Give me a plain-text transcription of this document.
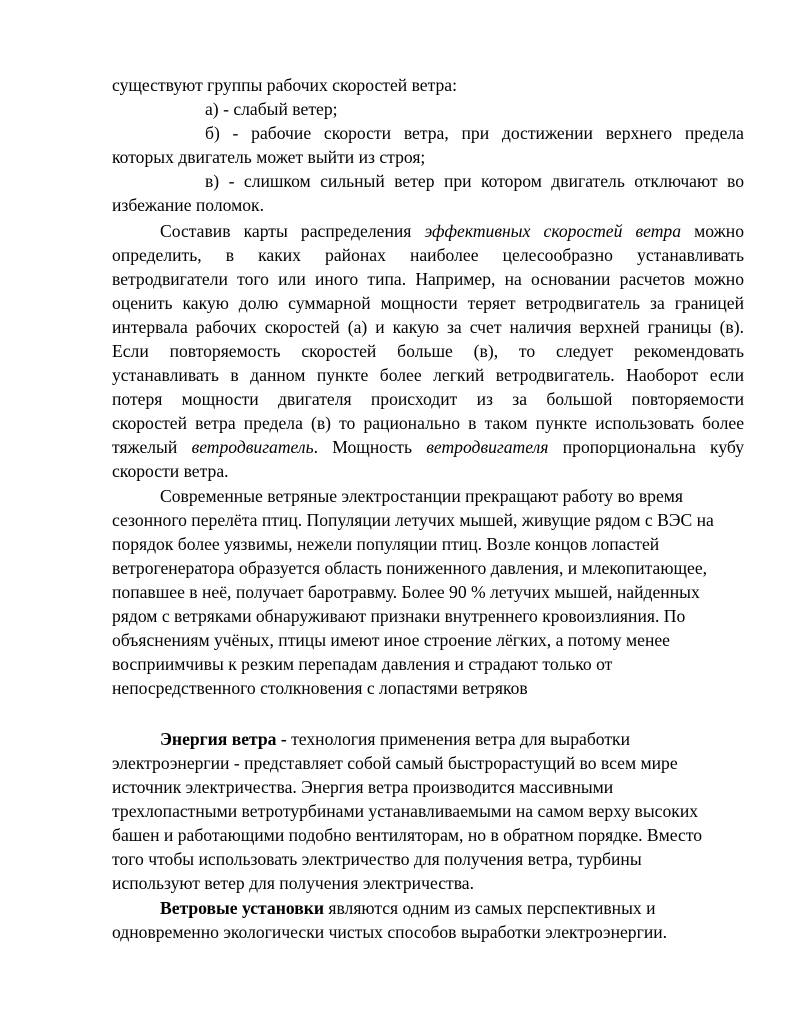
существуют группы рабочих скоростей ветра:
а) - слабый ветер;
б) - рабочие скорости ветра, при достижении верхнего предела
которых двигатель может выйти из строя;
в) - слишком сильный ветер при котором двигатель отключают во
избежание поломок.
Составив карты распределения эффективных скоростей ветра можно
определить, в каких районах наиболее целесообразно устанавливать
ветродвигатели того или иного типа. Например, на основании расчетов можно
оценить какую долю суммарной мощности теряет ветродвигатель за границей
интервала рабочих скоростей (а) и какую за счет наличия верхней границы (в).
Если повторяемость скоростей больше (в), то следует рекомендовать
устанавливать в данном пункте более легкий ветродвигатель. Наоборот если
потеря мощности двигателя происходит из за большой повторяемости
скоростей ветра предела (в) то рационально в таком пункте использовать более
тяжелый ветродвигатель. Мощность ветродвигателя пропорциональна кубу
скорости ветра.
Современные ветряные электростанции прекращают работу во время
сезонного перелёта птиц. Популяции летучих мышей, живущие рядом с ВЭС на
порядок более уязвимы, нежели популяции птиц. Возле концов лопастей
ветрогенератора образуется область пониженного давления, и млекопитающее,
попавшее в неё, получает баротравму. Более 90 % летучих мышей, найденных
рядом с ветряками обнаруживают признаки внутреннего кровоизлияния. По
объяснениям учёных, птицы имеют иное строение лёгких, а потому менее
восприимчивы к резким перепадам давления и страдают только от
непосредственного столкновения с лопастями ветряков
Энергия ветра - технология применения ветра для выработки
электроэнергии - представляет собой самый быстрорастущий во всем мире
источник электричества. Энергия ветра производится массивными
трехлопастными ветротурбинами устанавливаемыми на самом верху высоких
башен и работающими подобно вентиляторам, но в обратном порядке. Вместо
того чтобы использовать электричество для получения ветра, турбины
используют ветер для получения электричества.
Ветровые установки являются одним из самых перспективных и
одновременно экологически чистых способов выработки электроэнергии.
